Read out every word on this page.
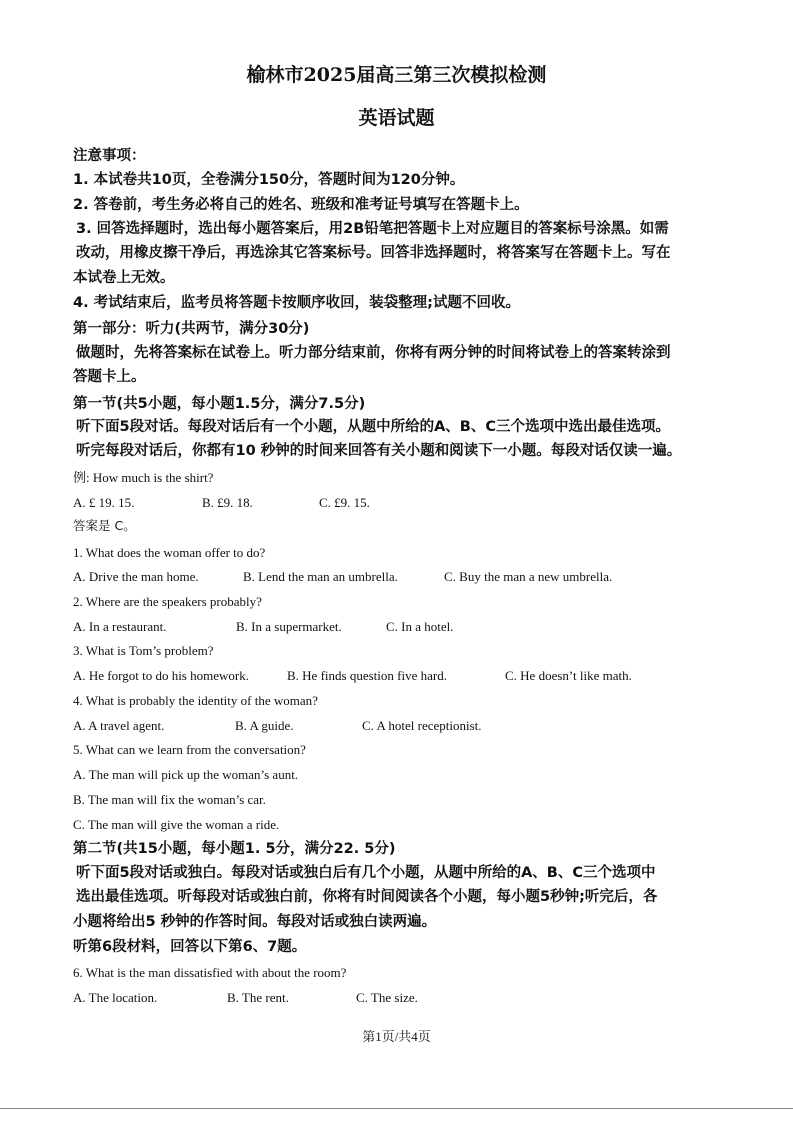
榆林市2025届高三第三次模拟检测
英语试题
注意事项：
1. 本试卷共10页，全卷满分150分，答题时间为120分钟。
2. 答卷前，考生务必将自己的姓名、班级和准考证号填写在答题卡上。
3. 回答选择题时，选出每小题答案后，用2B铅笔把答题卡上对应题目的答案标号涂黑。如需
改动，用橡皮擦干净后，再选涂其它答案标号。回答非选择题时，将答案写在答题卡上。写在
本试卷上无效。
4. 考试结束后，监考员将答题卡按顺序收回，装袋整理;试题不回收。
第一部分：听力(共两节，满分30分)
做题时，先将答案标在试卷上。听力部分结束前，你将有两分钟的时间将试卷上的答案转涂到
答题卡上。
第一节(共5小题，每小题1.5分，满分7.5分)
听下面5段对话。每段对话后有一个小题，从题中所给的A、B、C三个选项中选出最佳选项。
听完每段对话后，你都有10 秒钟的时间来回答有关小题和阅读下一小题。每段对话仅读一遍。
例: How much is the shirt?
A. £ 19. 15.	B. £9. 18.	C. £9. 15.
答案是 C。
1. What does the woman offer to do?
A. Drive the man home.	B. Lend the man an umbrella.	C. Buy the man a new umbrella.
2. Where are the speakers probably?
A. In a restaurant.	B. In a supermarket.	C. In a hotel.
3. What is Tom’s problem?
A. He forgot to do his homework.	B. He finds question five hard.	C. He doesn’t like math.
4. What is probably the identity of the woman?
A. A travel agent.	B. A guide.	C. A hotel receptionist.
5. What can we learn from the conversation?
A. The man will pick up the woman’s aunt.
B. The man will fix the woman’s car.
C. The man will give the woman a ride.
第二节(共15小题，每小题1. 5分，满分22. 5分)
听下面5段对话或独白。每段对话或独白后有几个小题，从题中所给的A、B、C三个选项中
选出最佳选项。听每段对话或独白前，你将有时间阅读各个小题，每小题5秒钟;听完后，各
小题将给出5 秒钟的作答时间。每段对话或独白读两遍。
听第6段材料，回答以下第6、7题。
6. What is the man dissatisfied with about the room?
A. The location.	B. The rent.	C. The size.
第1页/共4页
